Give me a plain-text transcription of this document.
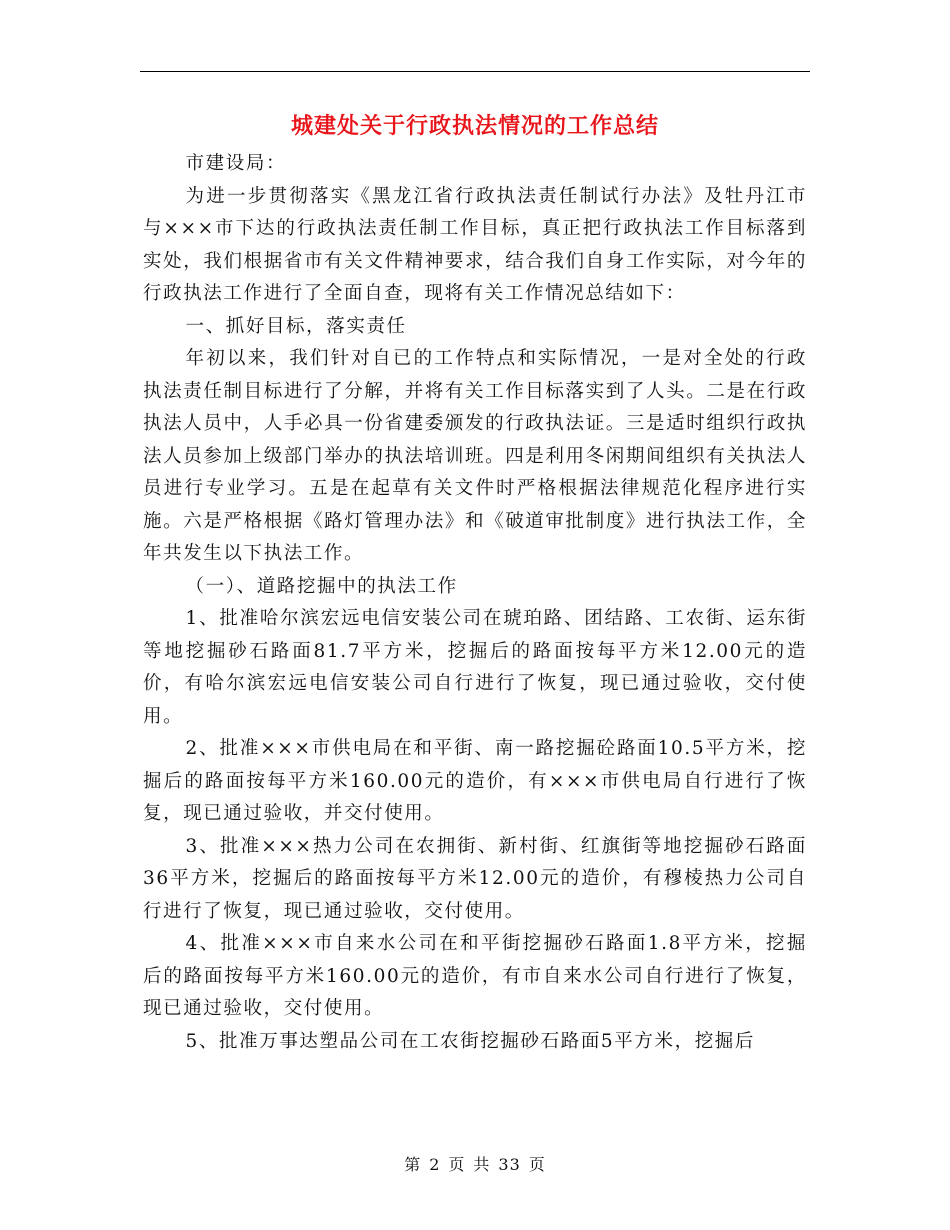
城建处关于行政执法情况的工作总结

市建设局：

为进一步贯彻落实《黑龙江省行政执法责任制试行办法》及牡丹江市与×××市下达的行政执法责任制工作目标，真正把行政执法工作目标落到实处，我们根据省市有关文件精神要求，结合我们自身工作实际，对今年的行政执法工作进行了全面自查，现将有关工作情况总结如下：

一、抓好目标，落实责任

年初以来，我们针对自已的工作特点和实际情况，一是对全处的行政执法责任制目标进行了分解，并将有关工作目标落实到了人头。二是在行政执法人员中，人手必具一份省建委颁发的行政执法证。三是适时组织行政执法人员参加上级部门举办的执法培训班。四是利用冬闲期间组织有关执法人员进行专业学习。五是在起草有关文件时严格根据法律规范化程序进行实施。六是严格根据《路灯管理办法》和《破道审批制度》进行执法工作，全年共发生以下执法工作。

（一）、道路挖掘中的执法工作

1、批准哈尔滨宏远电信安装公司在琥珀路、团结路、工农街、运东街等地挖掘砂石路面81.7平方米，挖掘后的路面按每平方米12.00元的造价，有哈尔滨宏远电信安装公司自行进行了恢复，现已通过验收，交付使用。

2、批准×××市供电局在和平街、南一路挖掘砼路面10.5平方米，挖掘后的路面按每平方米160.00元的造价，有×××市供电局自行进行了恢复，现已通过验收，并交付使用。

3、批准×××热力公司在农拥街、新村街、红旗街等地挖掘砂石路面36平方米，挖掘后的路面按每平方米12.00元的造价，有穆棱热力公司自行进行了恢复，现已通过验收，交付使用。

4、批准×××市自来水公司在和平街挖掘砂石路面1.8平方米，挖掘后的路面按每平方米160.00元的造价，有市自来水公司自行进行了恢复，现已通过验收，交付使用。

5、批准万事达塑品公司在工农街挖掘砂石路面5平方米，挖掘后

第 2 页 共 33 页
